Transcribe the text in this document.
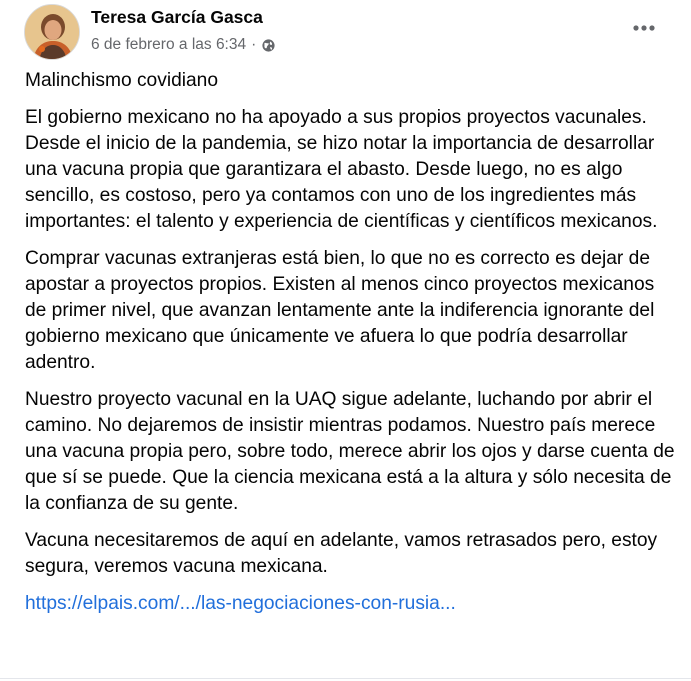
Teresa García Gasca
6 de febrero a las 6:34 ·

Malinchismo covidiano

El gobierno mexicano no ha apoyado a sus propios proyectos vacunales. Desde el inicio de la pandemia, se hizo notar la importancia de desarrollar una vacuna propia que garantizara el abasto. Desde luego, no es algo sencillo, es costoso, pero ya contamos con uno de los ingredientes más importantes: el talento y experiencia de científicas y científicos mexicanos.

Comprar vacunas extranjeras está bien, lo que no es correcto es dejar de apostar a proyectos propios. Existen al menos cinco proyectos mexicanos de primer nivel, que avanzan lentamente ante la indiferencia ignorante del gobierno mexicano que únicamente ve afuera lo que podría desarrollar adentro.

Nuestro proyecto vacunal en la UAQ sigue adelante, luchando por abrir el camino. No dejaremos de insistir mientras podamos. Nuestro país merece una vacuna propia pero, sobre todo, merece abrir los ojos y darse cuenta de que sí se puede. Que la ciencia mexicana está a la altura y sólo necesita de la confianza de su gente.

Vacuna necesitaremos de aquí en adelante, vamos retrasados pero, estoy segura, veremos vacuna mexicana.

https://elpais.com/.../las-negociaciones-con-rusia...
